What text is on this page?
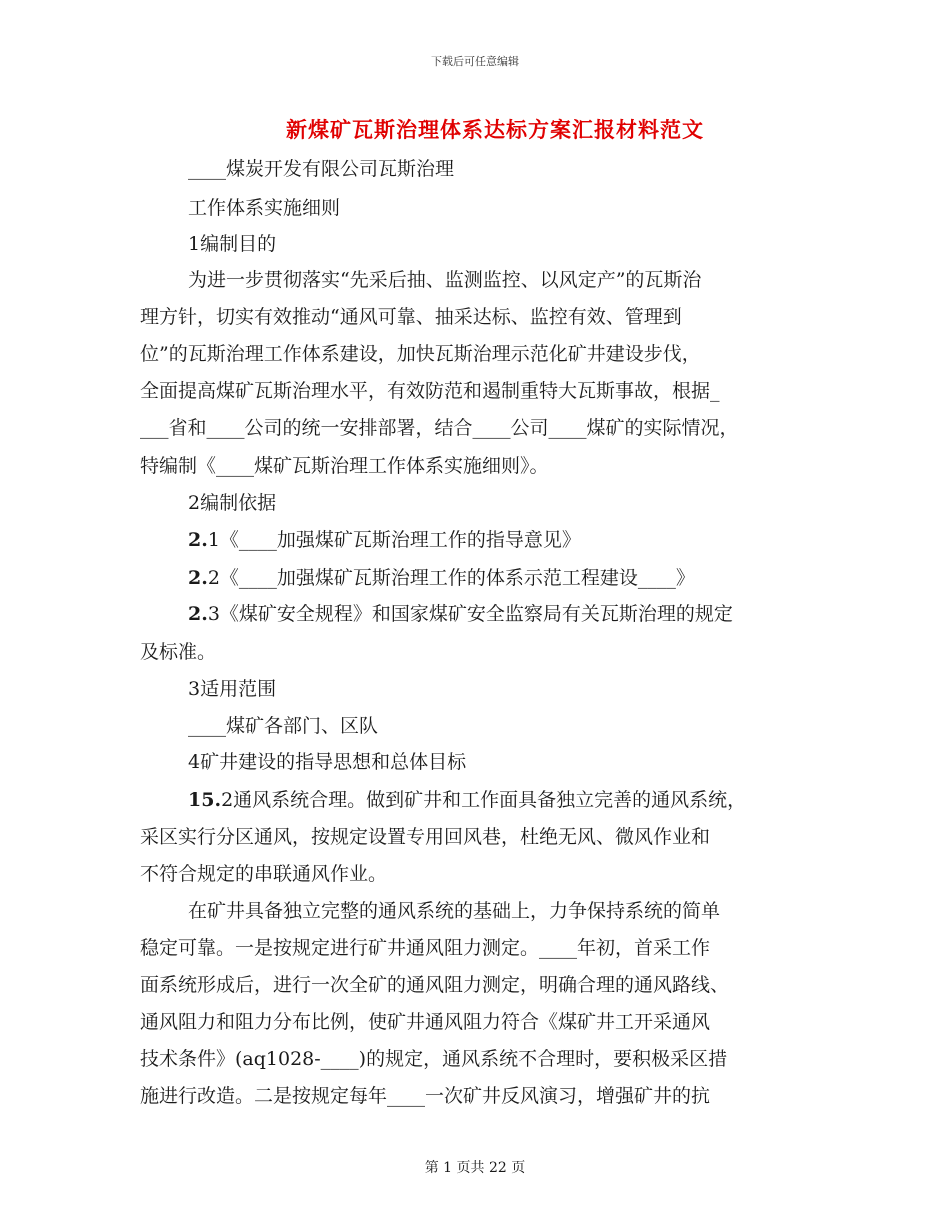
下载后可任意编辑
新煤矿瓦斯治理体系达标方案汇报材料范文
____煤炭开发有限公司瓦斯治理
工作体系实施细则
1编制目的
为进一步贯彻落实“先采后抽、监测监控、以风定产”的瓦斯治
理方针，切实有效推动“通风可靠、抽采达标、监控有效、管理到
位”的瓦斯治理工作体系建设，加快瓦斯治理示范化矿井建设步伐，
全面提高煤矿瓦斯治理水平，有效防范和遏制重特大瓦斯事故，根据_
___省和____公司的统一安排部署，结合____公司____煤矿的实际情况，
特编制《____煤矿瓦斯治理工作体系实施细则》。
2编制依据
2.1《____加强煤矿瓦斯治理工作的指导意见》
2.2《____加强煤矿瓦斯治理工作的体系示范工程建设____》
2.3《煤矿安全规程》和国家煤矿安全监察局有关瓦斯治理的规定
及标准。
3适用范围
____煤矿各部门、区队
4矿井建设的指导思想和总体目标
15.2通风系统合理。做到矿井和工作面具备独立完善的通风系统，
采区实行分区通风，按规定设置专用回风巷，杜绝无风、微风作业和
不符合规定的串联通风作业。
在矿井具备独立完整的通风系统的基础上，力争保持系统的简单
稳定可靠。一是按规定进行矿井通风阻力测定。____年初，首采工作
面系统形成后，进行一次全矿的通风阻力测定，明确合理的通风路线、
通风阻力和阻力分布比例，使矿井通风阻力符合《煤矿井工开采通风
技术条件》(aq1028-____)的规定，通风系统不合理时，要积极采区措
施进行改造。二是按规定每年____一次矿井反风演习，增强矿井的抗
第 1 页共 22 页
